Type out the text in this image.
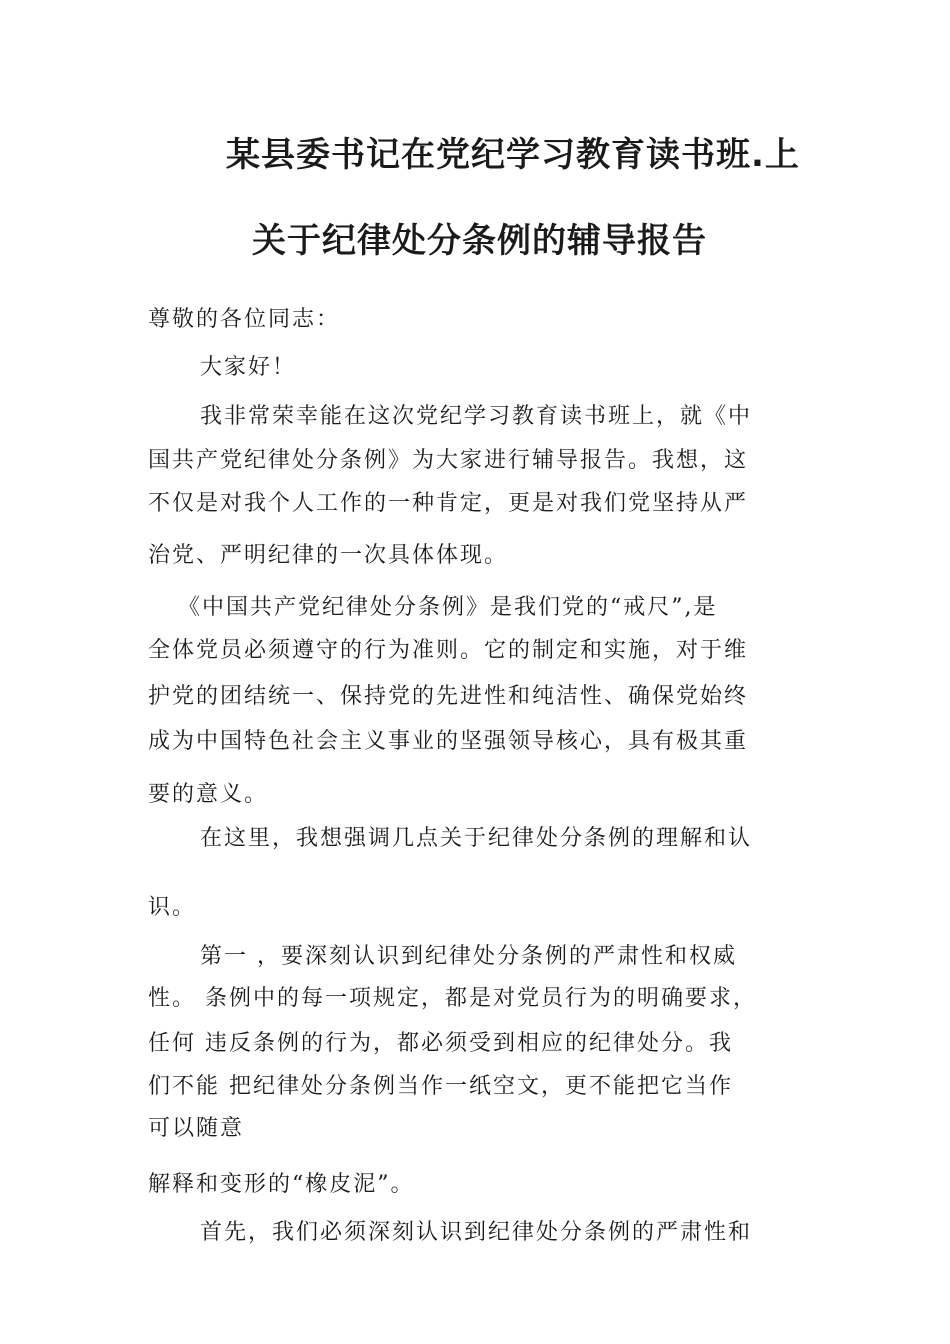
某县委书记在党纪学习教育读书班.上
关于纪律处分条例的辅导报告

尊敬的各位同志：

大家好！

我非常荣幸能在这次党纪学习教育读书班上，就《中

国共产党纪律处分条例》为大家进行辅导报告。我想，这

不仅是对我个人工作的一种肯定，更是对我们党坚持从严

治党、严明纪律的一次具体体现。

《中国共产党纪律处分条例》是我们党的“戒尺”,是

全体党员必须遵守的行为准则。它的制定和实施，对于维

护党的团结统一、保持党的先进性和纯洁性、确保党始终

成为中国特色社会主义事业的坚强领导核心，具有极其重

要的意义。

在这里，我想强调几点关于纪律处分条例的理解和认

识。

第一 ，要深刻认识到纪律处分条例的严肃性和权威

性。 条例中的每一项规定，都是对党员行为的明确要求，

任何 违反条例的行为，都必须受到相应的纪律处分。我

们不能 把纪律处分条例当作一纸空文，更不能把它当作

可以随意

解释和变形的“橡皮泥”。

首先，我们必须深刻认识到纪律处分条例的严肃性和
